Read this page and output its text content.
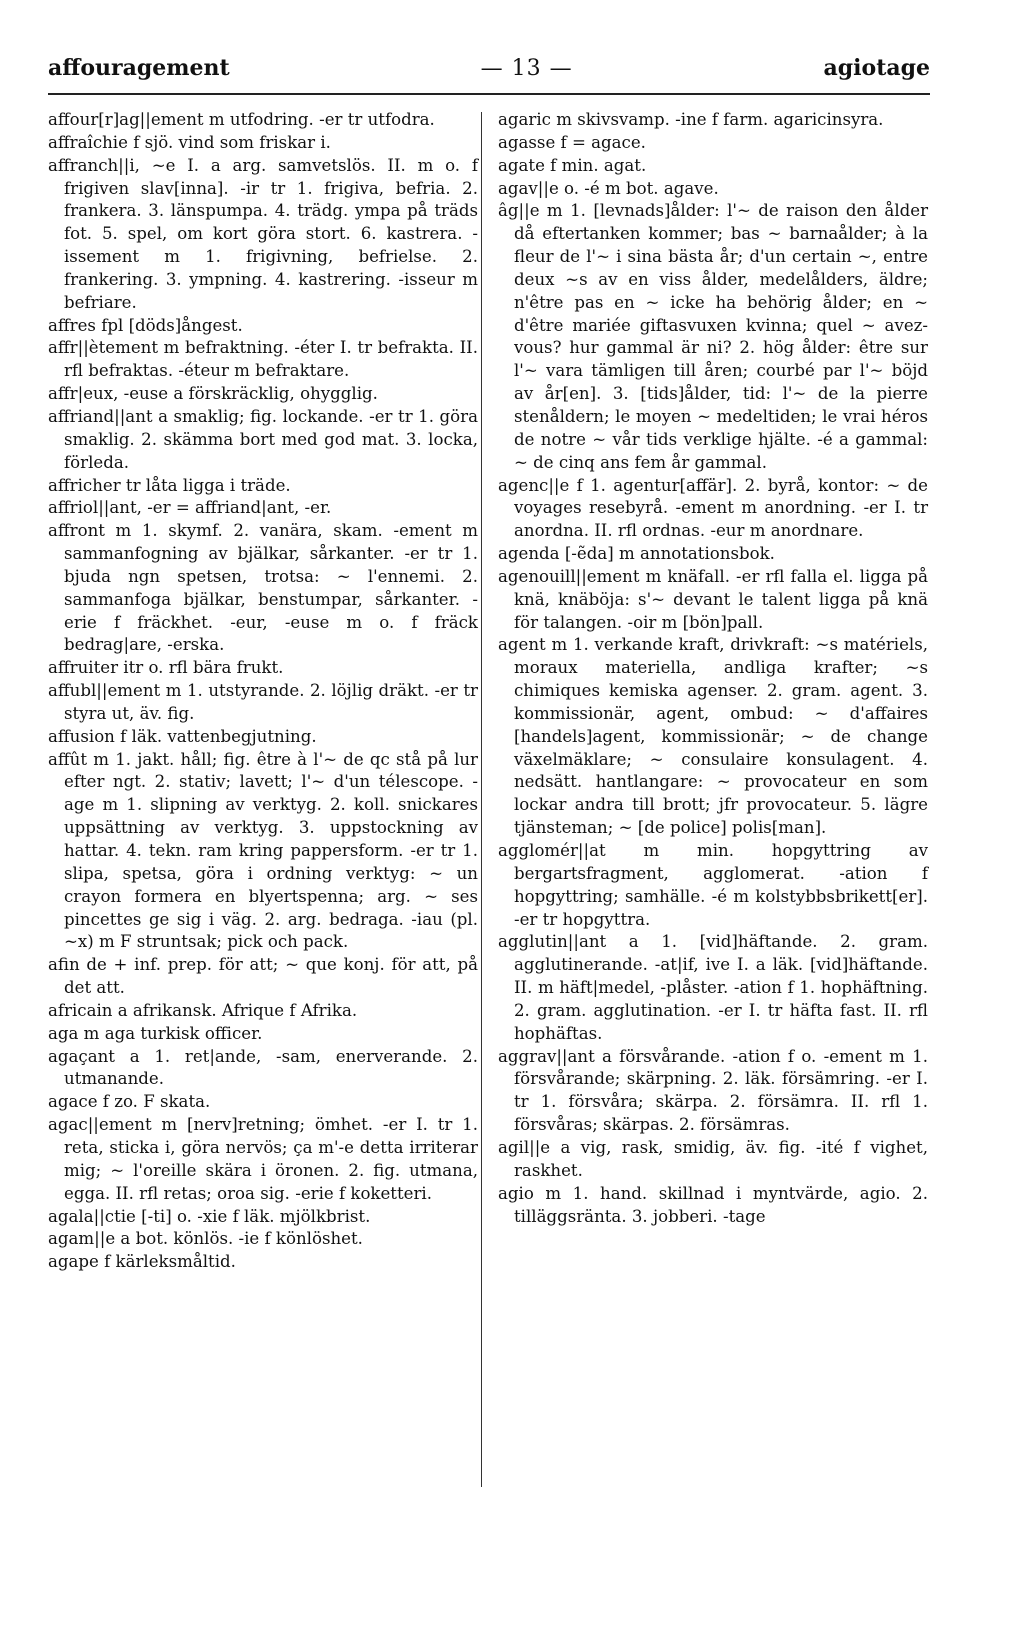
affouragement	— 13 —	agiotage

affour[r]ag||ement m utfodring. -er tr utfodra.

affraîchie f sjö. vind som friskar i.

affranch||i, ~e I. a arg. samvetslös. II. m o. f frigiven slav[inna]. -ir tr 1. frigiva, befria. 2. frankera. 3. länspumpa. 4. trädg. ympa på träds fot. 5. spel, om kort göra stort. 6. kastrera. -issement m 1. frigivning, befrielse. 2. frankering. 3. ympning. 4. kastrering. -isseur m befriare.

affres fpl [döds]ångest.

affr||ètement m befraktning. -éter I. tr befrakta. II. rfl befraktas. -éteur m befraktare.

affr|eux, -euse a förskräcklig, ohygglig.

affriand||ant a smaklig; fig. lockande. -er tr 1. göra smaklig. 2. skämma bort med god mat. 3. locka, förleda.

affricher tr låta ligga i träde.

affriol||ant, -er = affriand|ant, -er.

affront m 1. skymf. 2. vanära, skam. -ement m sammanfogning av bjälkar, sårkanter. -er tr 1. bjuda ngn spetsen, trotsa: ~ l'ennemi. 2. sammanfoga bjälkar, benstumpar, sårkanter. -erie f fräckhet. -eur, -euse m o. f fräck bedrag|are, -erska.

affruiter itr o. rfl bära frukt.

affubl||ement m 1. utstyrande. 2. löjlig dräkt. -er tr styra ut, äv. fig.

affusion f läk. vattenbegjutning.

affût m 1. jakt. håll; fig. être à l'~ de qc stå på lur efter ngt. 2. stativ; lavett; l'~ d'un télescope. -age m 1. slipning av verktyg. 2. koll. snickares uppsättning av verktyg. 3. uppstockning av hattar. 4. tekn. ram kring pappersform. -er tr 1. slipa, spetsa, göra i ordning verktyg: ~ un crayon formera en blyertspenna; arg. ~ ses pincettes ge sig i väg. 2. arg. bedraga. -iau (pl. ~x) m F struntsak; pick och pack.

afin de + inf. prep. för att; ~ que konj. för att, på det att.

africain a afrikansk. Afrique f Afrika.

aga m aga turkisk officer.

agaçant a 1. ret|ande, -sam, enerverande. 2. utmanande.

agace f zo. F skata.

agac||ement m [nerv]retning; ömhet. -er I. tr 1. reta, sticka i, göra nervös; ça m'-e detta irriterar mig; ~ l'oreille skära i öronen. 2. fig. utmana, egga. II. rfl retas; oroa sig. -erie f koketteri.

agala||ctie [-ti] o. -xie f läk. mjölkbrist.

agam||e a bot. könlös. -ie f könlöshet.

agape f kärleksmåltid.

agaric m skivsvamp. -ine f farm. agaricinsyra.

agasse f = agace.

agate f min. agat.

agav||e o. -é m bot. agave.

âg||e m 1. [levnads]ålder: l'~ de raison den ålder då eftertanken kommer; bas ~ barnaålder; à la fleur de l'~ i sina bästa år; d'un certain ~, entre deux ~s av en viss ålder, medelålders, äldre; n'être pas en ~ icke ha behörig ålder; en ~ d'être mariée giftasvuxen kvinna; quel ~ avez-vous? hur gammal är ni? 2. hög ålder: être sur l'~ vara tämligen till åren; courbé par l'~ böjd av år[en]. 3. [tids]ålder, tid: l'~ de la pierre stenåldern; le moyen ~ medeltiden; le vrai héros de notre ~ vår tids verklige hjälte. -é a gammal: ~ de cinq ans fem år gammal.

agenc||e f 1. agentur[affär]. 2. byrå, kontor: ~ de voyages resebyrå. -ement m anordning. -er I. tr anordna. II. rfl ordnas. -eur m anordnare.

agenda [-ẽda] m annotationsbok.

agenouill||ement m knäfall. -er rfl falla el. ligga på knä, knäböja: s'~ devant le talent ligga på knä för talangen. -oir m [bön]pall.

agent m 1. verkande kraft, drivkraft: ~s matériels, moraux materiella, andliga krafter; ~s chimiques kemiska agenser. 2. gram. agent. 3. kommissionär, agent, ombud: ~ d'affaires [handels]agent, kommissionär; ~ de change växelmäklare; ~ consulaire konsulagent. 4. nedsätt. hantlangare: ~ provocateur en som lockar andra till brott; jfr provocateur. 5. lägre tjänsteman; ~ [de police] polis[man].

agglomér||at m min. hopgyttring av bergartsfragment, agglomerat. -ation f hopgyttring; samhälle. -é m kolstybbsbrikett[er]. -er tr hopgyttra.

agglutin||ant a 1. [vid]häftande. 2. gram. agglutinerande. -at|if, ive I. a läk. [vid]häftande. II. m häft|medel, -plåster. -ation f 1. hophäftning. 2. gram. agglutination. -er I. tr häfta fast. II. rfl hophäftas.

aggrav||ant a försvårande. -ation f o. -ement m 1. försvårande; skärpning. 2. läk. försämring. -er I. tr 1. försvåra; skärpa. 2. försämra. II. rfl 1. försvåras; skärpas. 2. försämras.

agil||e a vig, rask, smidig, äv. fig. -ité f vighet, raskhet.

agio m 1. hand. skillnad i myntvärde, agio. 2. tilläggsränta. 3. jobberi. -tage
